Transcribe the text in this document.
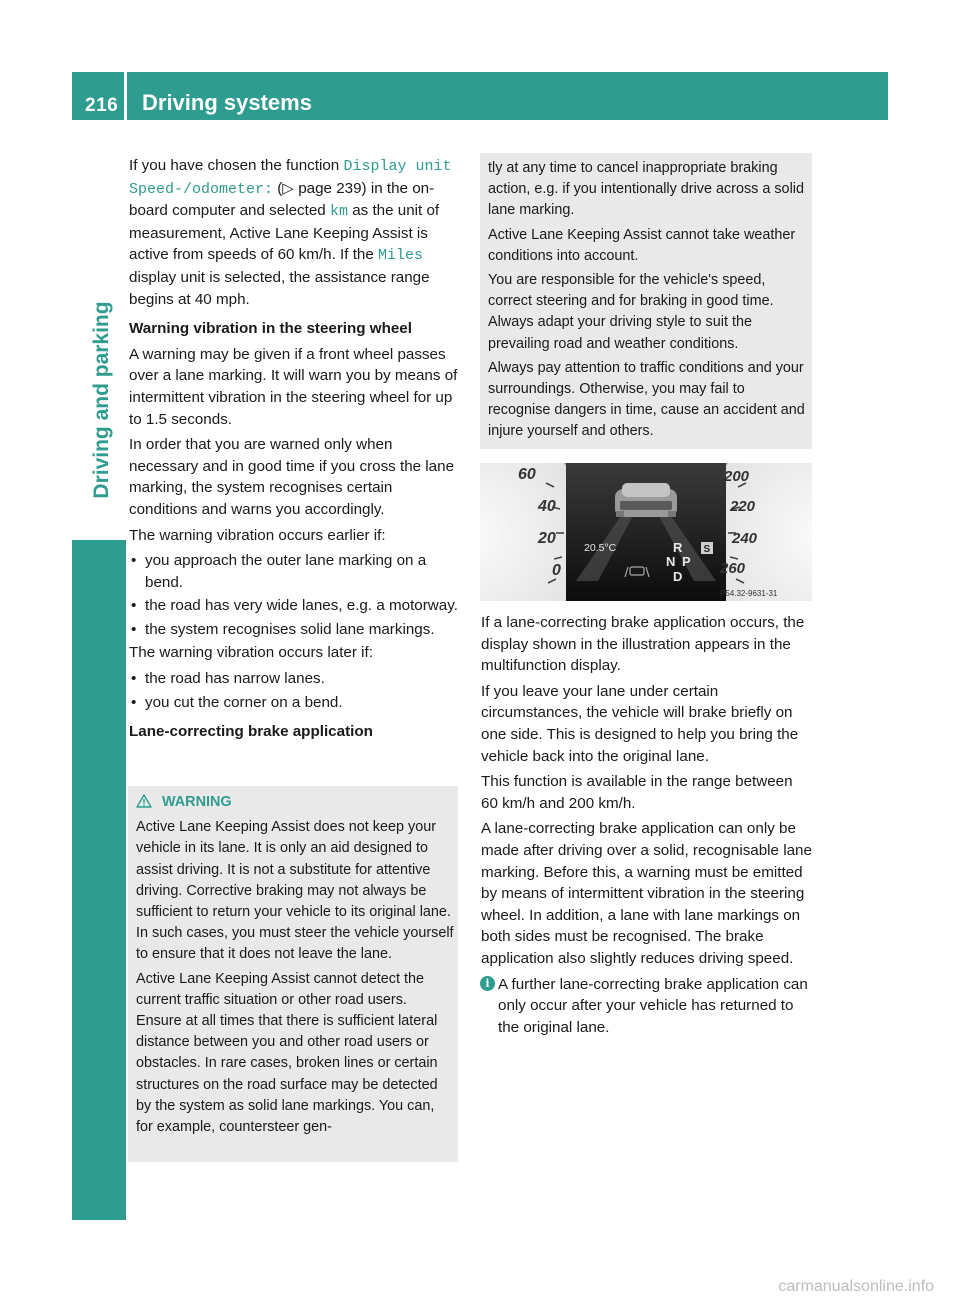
216 Driving systems
Driving and parking

If you have chosen the function Display unit Speed-/odometer: (▷ page 239) in the on-board computer and selected km as the unit of measurement, Active Lane Keeping Assist is active from speeds of 60 km/h. If the Miles display unit is selected, the assistance range begins at 40 mph.

Warning vibration in the steering wheel

A warning may be given if a front wheel passes over a lane marking. It will warn you by means of intermittent vibration in the steering wheel for up to 1.5 seconds.

In order that you are warned only when necessary and in good time if you cross the lane marking, the system recognises certain conditions and warns you accordingly.

The warning vibration occurs earlier if:

• you approach the outer lane marking on a bend.
• the road has very wide lanes, e.g. a motorway.
• the system recognises solid lane markings.

The warning vibration occurs later if:

• the road has narrow lanes.
• you cut the corner on a bend.
Lane-correcting brake application
WARNING

Active Lane Keeping Assist does not keep your vehicle in its lane. It is only an aid designed to assist driving. It is not a substitute for attentive driving. Corrective braking may not always be sufficient to return your vehicle to its original lane. In such cases, you must steer the vehicle yourself to ensure that it does not leave the lane.

Active Lane Keeping Assist cannot detect the current traffic situation or other road users. Ensure at all times that there is sufficient lateral distance between you and other road users or obstacles. In rare cases, broken lines or certain structures on the road surface may be detected by the system as solid lane markings. You can, for example, countersteer gen-

tly at any time to cancel inappropriate braking action, e.g. if you intentionally drive across a solid lane marking.

Active Lane Keeping Assist cannot take weather conditions into account.

You are responsible for the vehicle's speed, correct steering and for braking in good time. Always adapt your driving style to suit the prevailing road and weather conditions.

Always pay attention to traffic conditions and your surroundings. Otherwise, you may fail to recognise dangers in time, cause an accident and injure yourself and others.

R
N P
D
S
20.5°C
60
40
20
0
200
220
240
260
P54.32-9631-31

If a lane-correcting brake application occurs, the display shown in the illustration appears in the multifunction display.

If you leave your lane under certain circumstances, the vehicle will brake briefly on one side. This is designed to help you bring the vehicle back into the original lane.

This function is available in the range between 60 km/h and 200 km/h.

A lane-correcting brake application can only be made after driving over a solid, recognisable lane marking. Before this, a warning must be emitted by means of intermittent vibration in the steering wheel. In addition, a lane with lane markings on both sides must be recognised. The brake application also slightly reduces driving speed.

i A further lane-correcting brake application can only occur after your vehicle has returned to the original lane.

carmanualsonline.info
